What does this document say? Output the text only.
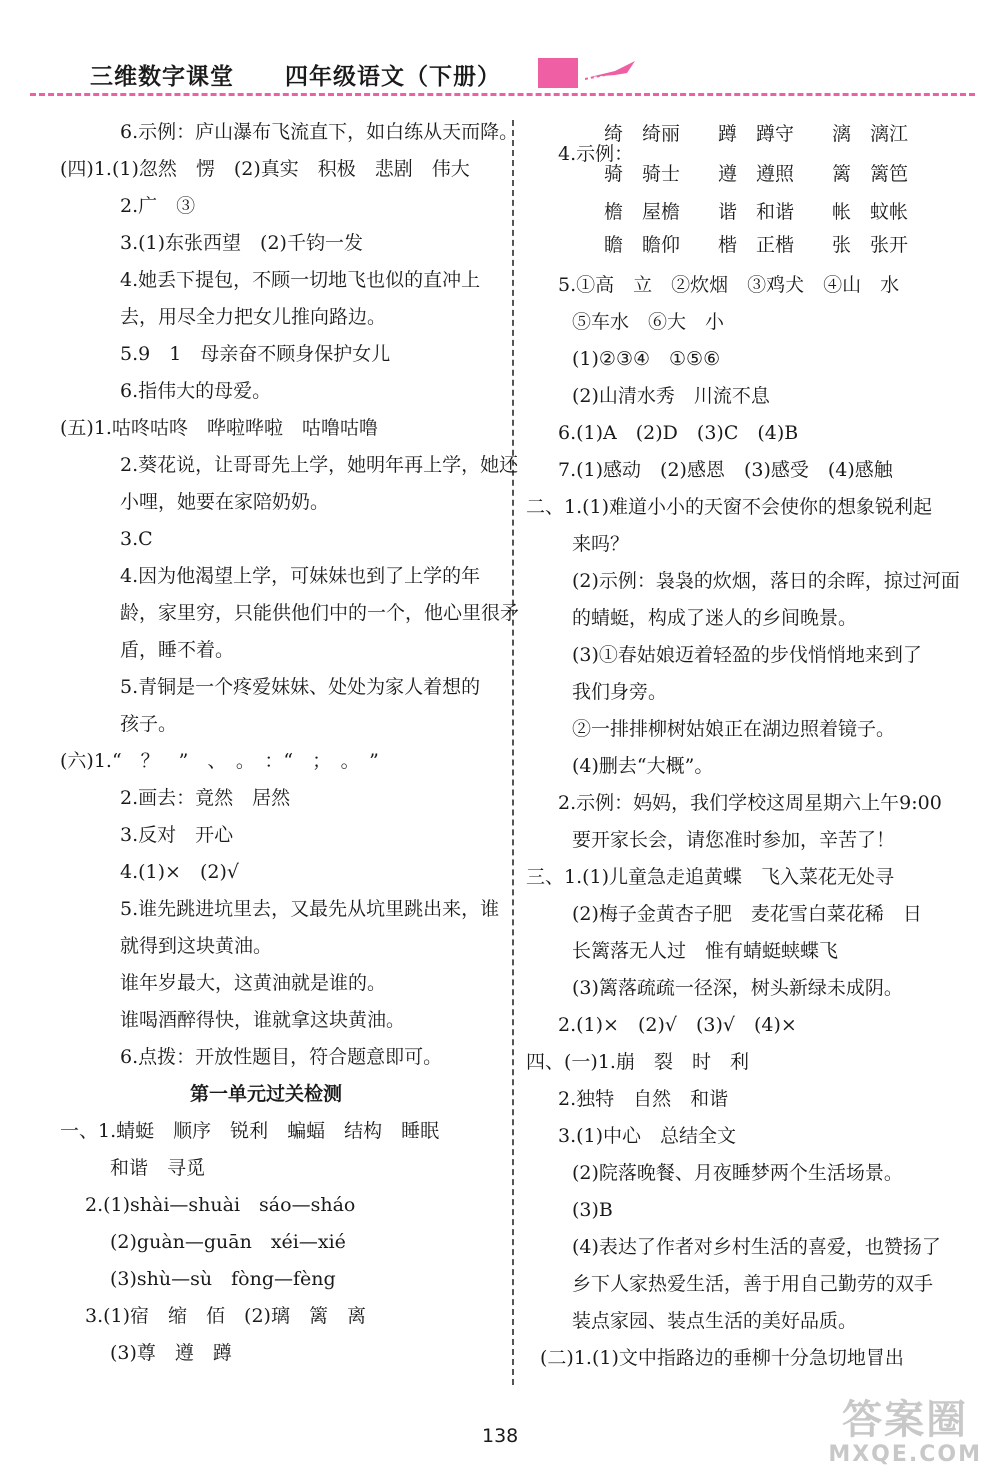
三维数字课堂 四年级语文（下册）
6.示例：庐山瀑布飞流直下，如白练从天而降。
(四)1.(1)忽然　愣　(2)真实　积极　悲剧　伟大
2.广　③
3.(1)东张西望　(2)千钧一发
4.她丢下提包，不顾一切地飞也似的直冲上
去，用尽全力把女儿推向路边。
5.9　1　母亲奋不顾身保护女儿
6.指伟大的母爱。
(五)1.咕咚咕咚　哗啦哗啦　咕噜咕噜
2.葵花说，让哥哥先上学，她明年再上学，她还
小哩，她要在家陪奶奶。
3.C
4.因为他渴望上学，可妹妹也到了上学的年
龄，家里穷，只能供他们中的一个，他心里很矛
盾，睡不着。
5.青铜是一个疼爱妹妹、处处为家人着想的
孩子。
(六)1.“　？　”　、　。　：“　；　。　”
2.画去：竟然　居然
3.反对　开心
4.(1)×　(2)√
5.谁先跳进坑里去，又最先从坑里跳出来，谁
就得到这块黄油。
谁年岁最大，这黄油就是谁的。
谁喝酒醉得快，谁就拿这块黄油。
6.点拨：开放性题目，符合题意即可。
第一单元过关检测
一、1.蜻蜓　顺序　锐利　蝙蝠　结构　睡眠
和谐　寻觅
2.(1)shài—shuài　sáo—sháo
(2)guàn—guān　xéi—xié
(3)shù—sù　fòng—fèng
3.(1)宿　缩　佰　(2)璃　篱　离
(3)尊　遵　蹲
绮　绮丽　　蹲　蹲守　　漓　漓江
4.示例：
骑　骑士　　遵　遵照　　篱　篱笆
檐　屋檐　　谐　和谐　　帐　蚊帐
瞻　瞻仰　　楷　正楷　　张　张开
5.①高　立　②炊烟　③鸡犬　④山　水
⑤车水　⑥大　小
(1)②③④　①⑤⑥
(2)山清水秀　川流不息
6.(1)A　(2)D　(3)C　(4)B
7.(1)感动　(2)感恩　(3)感受　(4)感触
二、1.(1)难道小小的天窗不会使你的想象锐利起
来吗？
(2)示例：袅袅的炊烟，落日的余晖，掠过河面
的蜻蜓，构成了迷人的乡间晚景。
(3)①春姑娘迈着轻盈的步伐悄悄地来到了
我们身旁。
②一排排柳树姑娘正在湖边照着镜子。
(4)删去“大概”。
2.示例：妈妈，我们学校这周星期六上午9:00
要开家长会，请您准时参加，辛苦了！
三、1.(1)儿童急走追黄蝶　飞入菜花无处寻
(2)梅子金黄杏子肥　麦花雪白菜花稀　日
长篱落无人过　惟有蜻蜓蛱蝶飞
(3)篱落疏疏一径深，树头新绿未成阴。
2.(1)×　(2)√　(3)√　(4)×
四、(一)1.崩　裂　时　利
2.独特　自然　和谐
3.(1)中心　总结全文
(2)院落晚餐、月夜睡梦两个生活场景。
(3)B
(4)表达了作者对乡村生活的喜爱，也赞扬了
乡下人家热爱生活，善于用自己勤劳的双手
装点家园、装点生活的美好品质。
(二)1.(1)文中指路边的垂柳十分急切地冒出
138	答案圈
MXQE.COM
